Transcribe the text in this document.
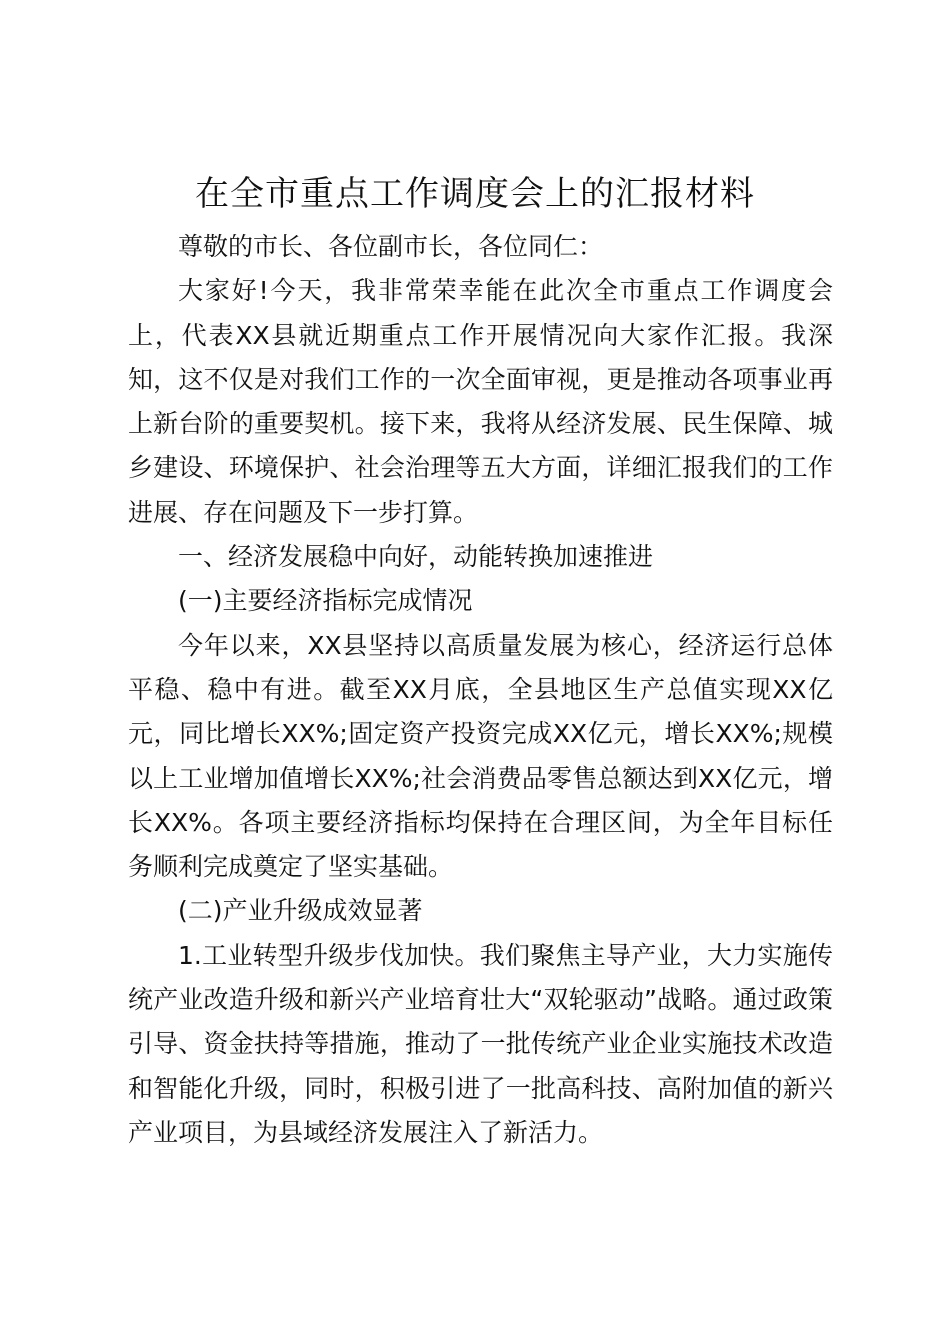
在全市重点工作调度会上的汇报材料

尊敬的市长、各位副市长，各位同仁：

大家好!今天，我非常荣幸能在此次全市重点工作调度会上，代表XX县就近期重点工作开展情况向大家作汇报。我深知，这不仅是对我们工作的一次全面审视，更是推动各项事业再上新台阶的重要契机。接下来，我将从经济发展、民生保障、城乡建设、环境保护、社会治理等五大方面，详细汇报我们的工作进展、存在问题及下一步打算。

一、经济发展稳中向好，动能转换加速推进

(一)主要经济指标完成情况

今年以来，XX县坚持以高质量发展为核心，经济运行总体平稳、稳中有进。截至XX月底，全县地区生产总值实现XX亿元，同比增长XX%;固定资产投资完成XX亿元，增长XX%;规模以上工业增加值增长XX%;社会消费品零售总额达到XX亿元，增长XX%。各项主要经济指标均保持在合理区间，为全年目标任务顺利完成奠定了坚实基础。

(二)产业升级成效显著

1.工业转型升级步伐加快。我们聚焦主导产业，大力实施传统产业改造升级和新兴产业培育壮大“双轮驱动”战略。通过政策引导、资金扶持等措施，推动了一批传统产业企业实施技术改造和智能化升级，同时，积极引进了一批高科技、高附加值的新兴产业项目，为县域经济发展注入了新活力。
